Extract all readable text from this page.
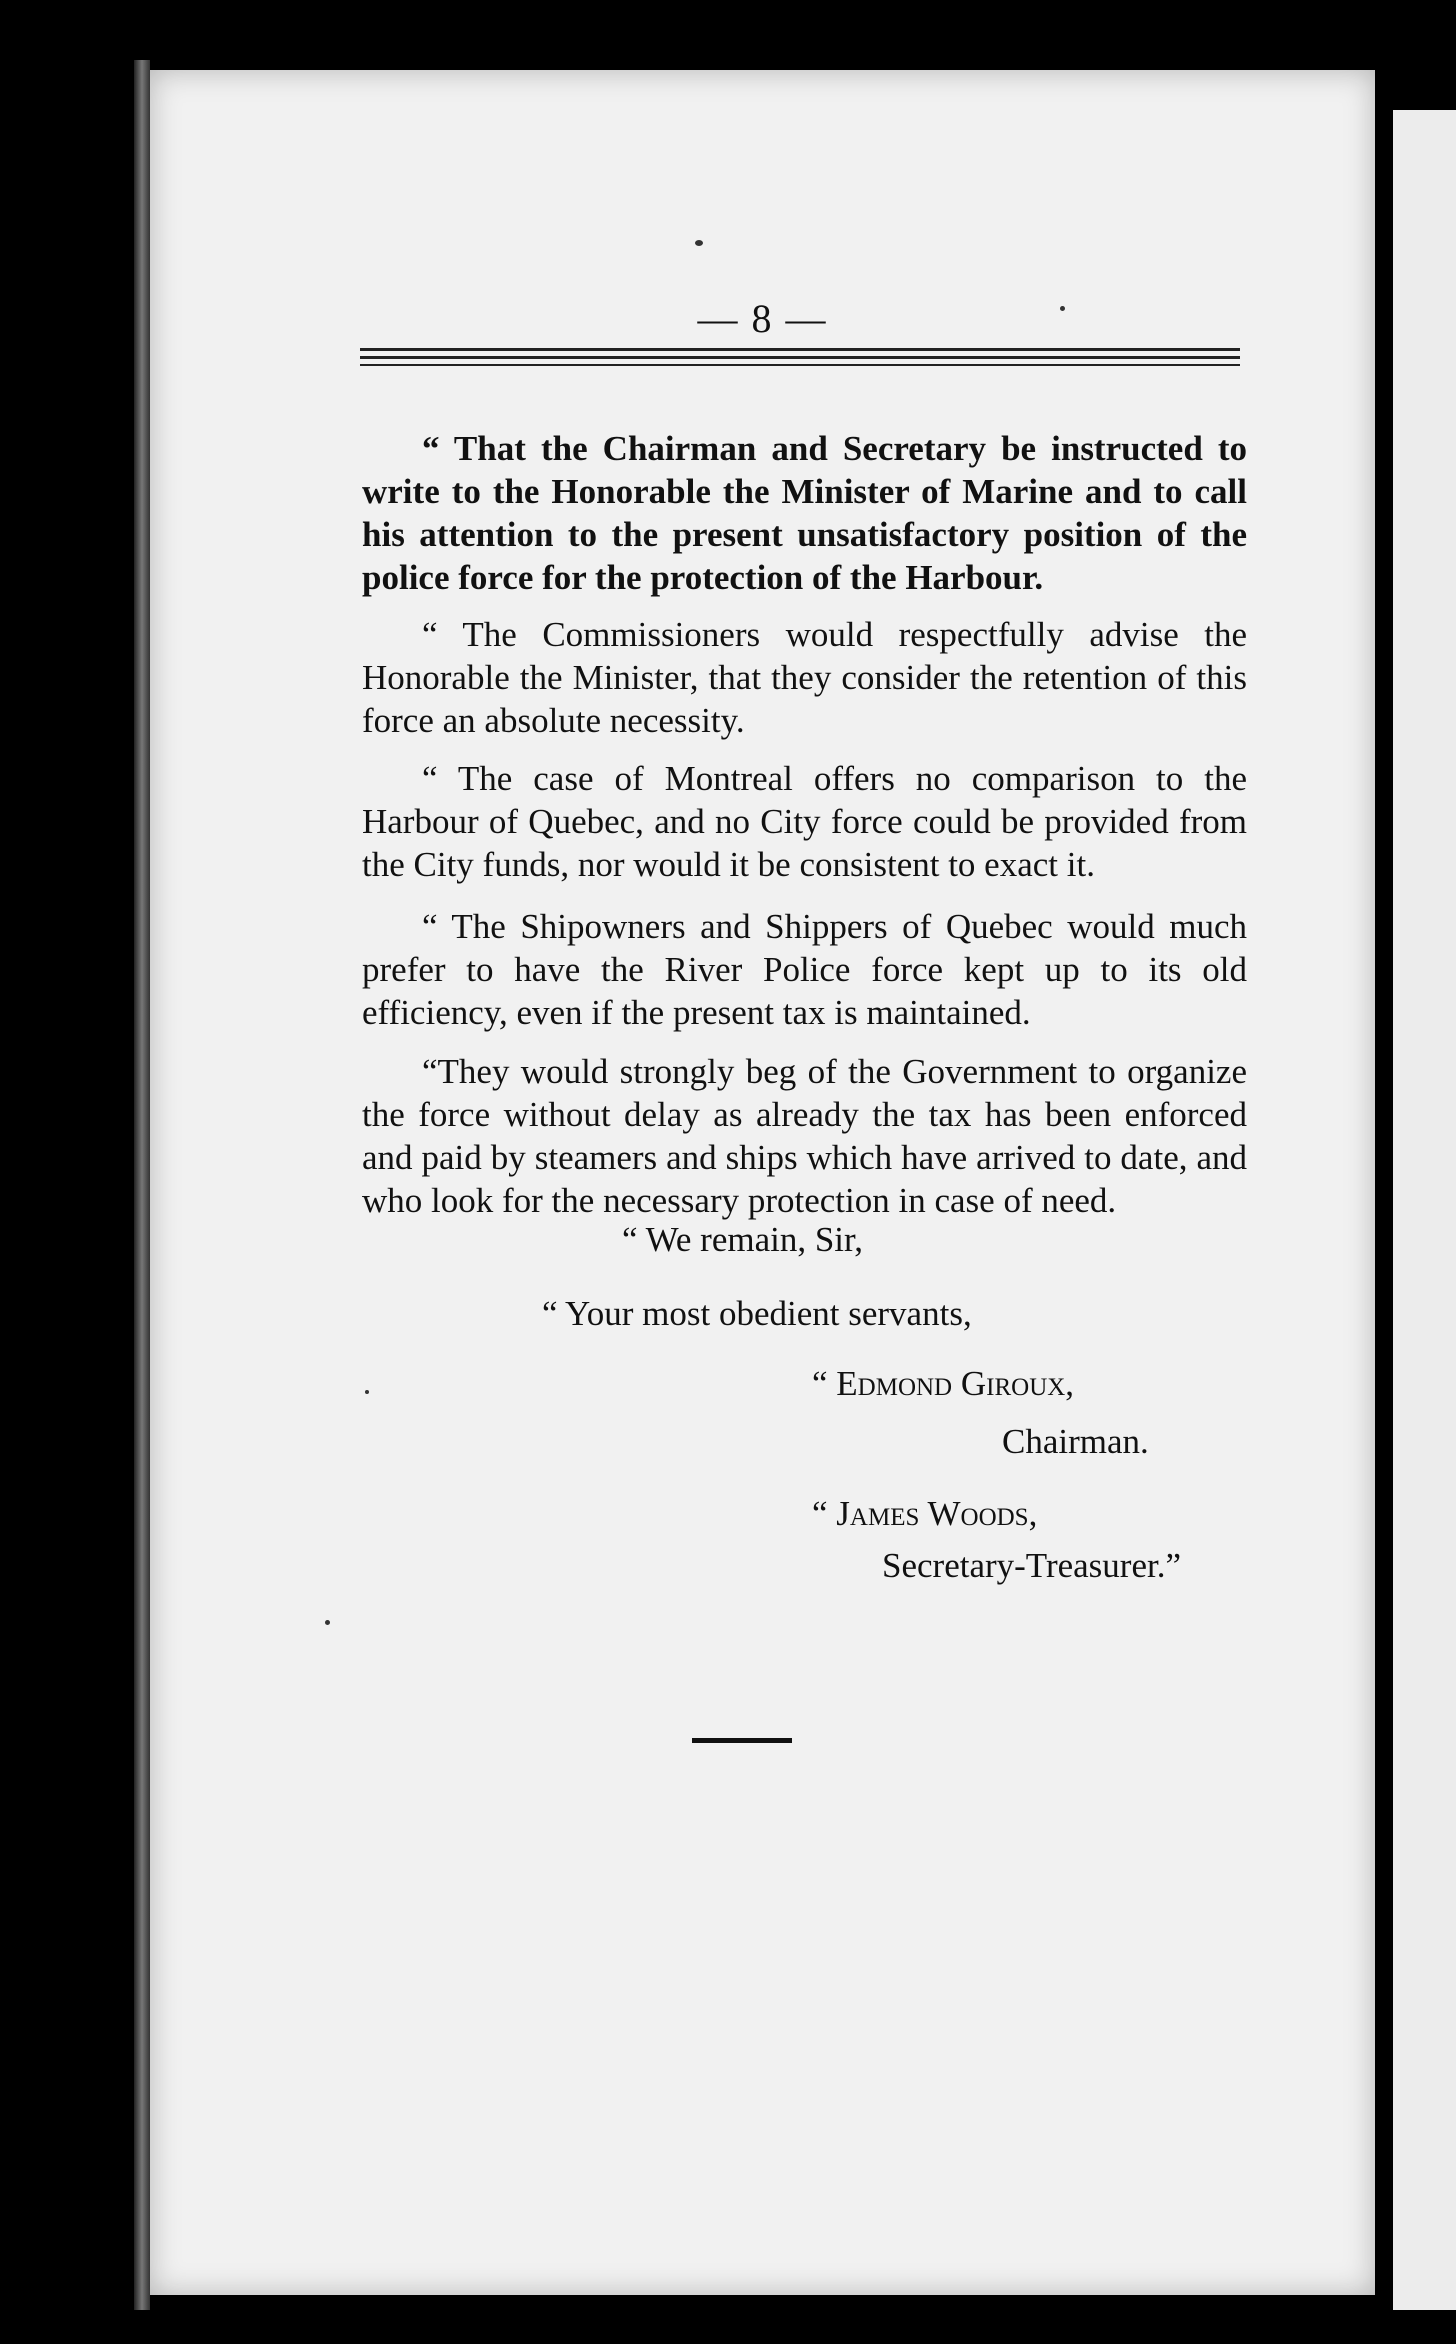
— 8 —

“ That the Chairman and Secretary be instructed to write to the Honorable the Minister of Marine and to call his attention to the present unsatisfactory position of the police force for the protection of the Harbour.

“ The Commissioners would respectfully advise the Honorable the Minister, that they consider the retention of this force an absolute necessity.

“ The case of Montreal offers no comparison to the Harbour of Quebec, and no City force could be provided from the City funds, nor would it be consistent to exact it.

“ The Shipowners and Shippers of Quebec would much prefer to have the River Police force kept up to its old efficiency, even if the present tax is maintained.

“They would strongly beg of the Government to organize the force without delay as already the tax has been enforced and paid by steamers and ships which have arrived to date, and who look for the necessary protection in case of need.

“ We remain, Sir,
“ Your most obedient servants,
“ Edmond Giroux,
Chairman.
“ James Woods,
Secretary-Treasurer.”
